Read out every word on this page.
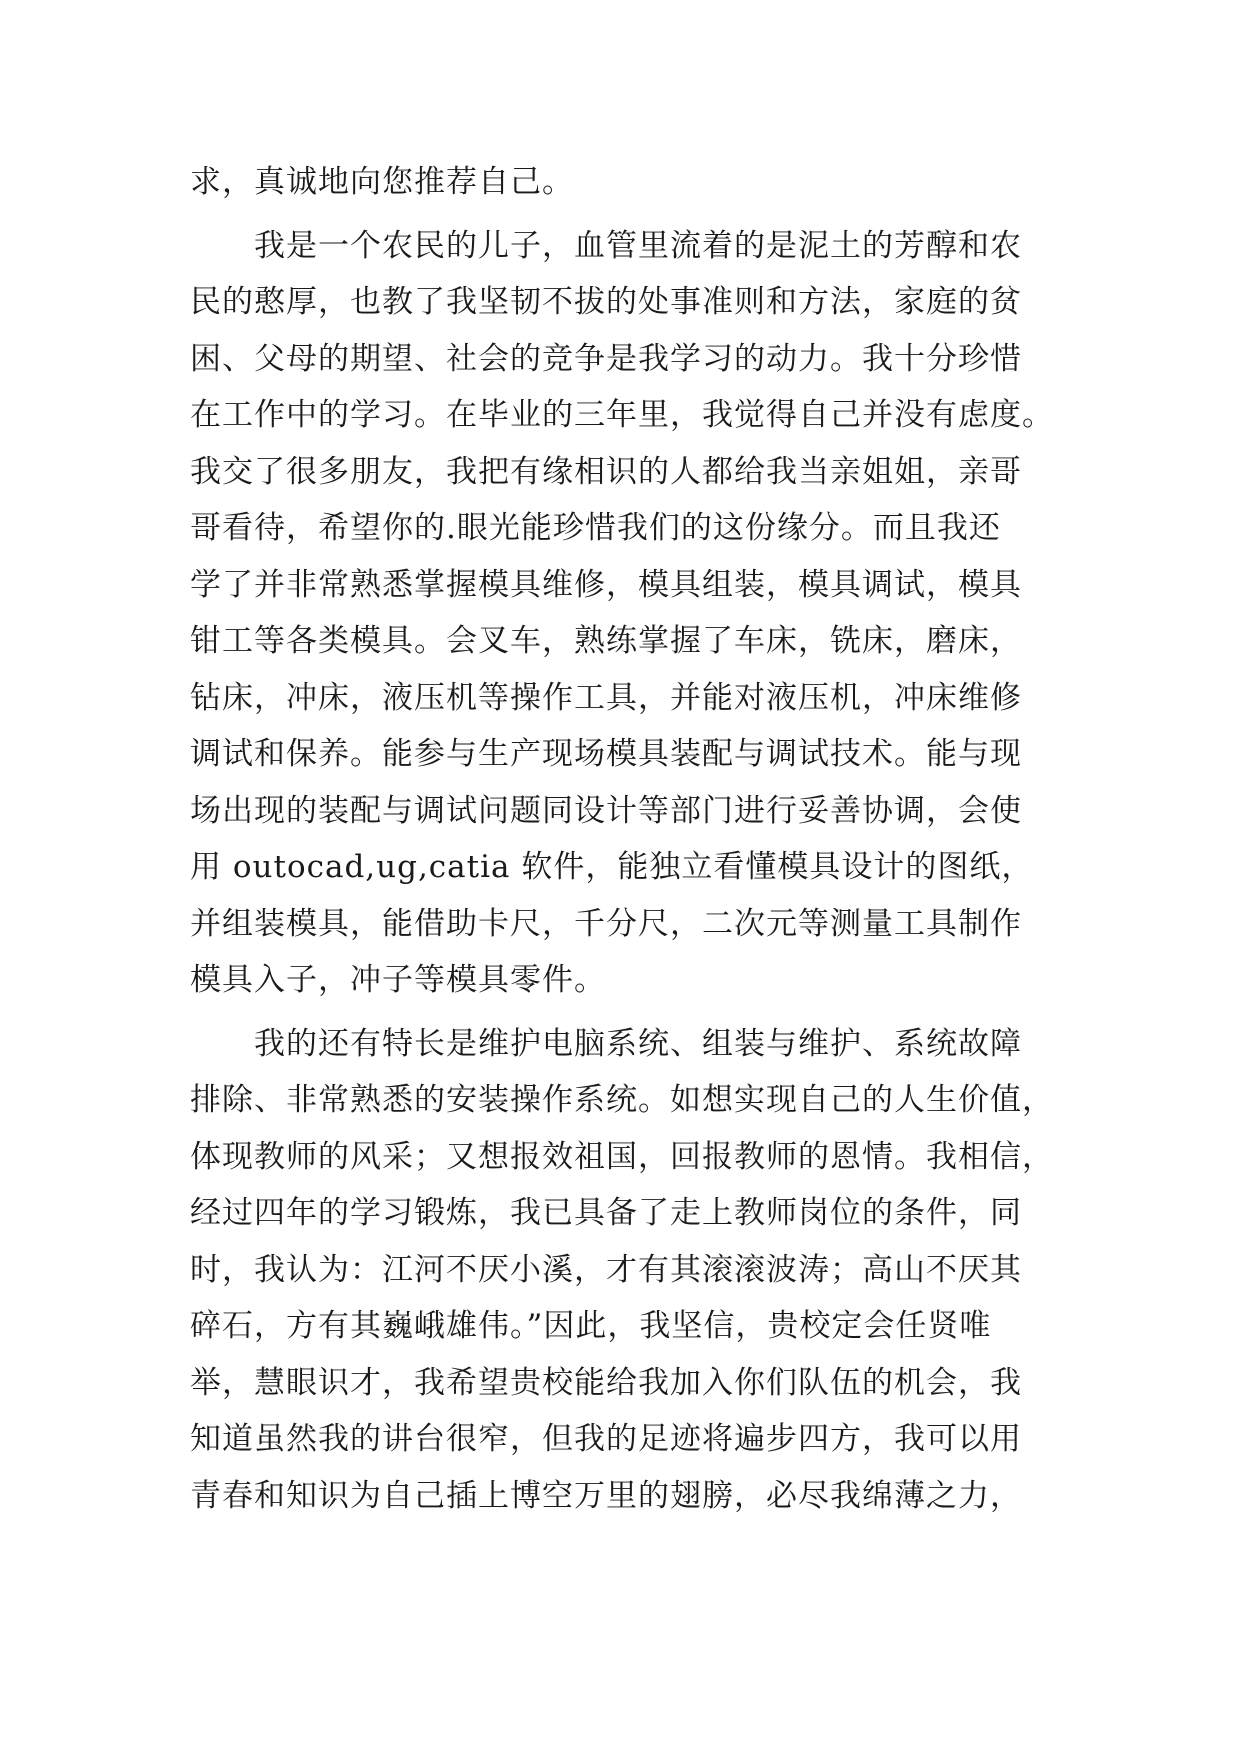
求，真诚地向您推荐自己。
我是一个农民的儿子，血管里流着的是泥土的芳醇和农
民的憨厚，也教了我坚韧不拔的处事准则和方法，家庭的贫
困、父母的期望、社会的竞争是我学习的动力。我十分珍惜
在工作中的学习。在毕业的三年里，我觉得自己并没有虑度。
我交了很多朋友，我把有缘相识的人都给我当亲姐姐，亲哥
哥看待，希望你的.眼光能珍惜我们的这份缘分。而且我还
学了并非常熟悉掌握模具维修，模具组装，模具调试，模具
钳工等各类模具。会叉车，熟练掌握了车床，铣床，磨床，
钻床，冲床，液压机等操作工具，并能对液压机，冲床维修
调试和保养。能参与生产现场模具装配与调试技术。能与现
场出现的装配与调试问题同设计等部门进行妥善协调，会使
用 outocad,ug,catia 软件，能独立看懂模具设计的图纸，
并组装模具，能借助卡尺，千分尺，二次元等测量工具制作
模具入子，冲子等模具零件。
我的还有特长是维护电脑系统、组装与维护、系统故障
排除、非常熟悉的安装操作系统。如想实现自己的人生价值，
体现教师的风采；又想报效祖国，回报教师的恩情。我相信，
经过四年的学习锻炼，我已具备了走上教师岗位的条件，同
时，我认为：江河不厌小溪，才有其滚滚波涛；高山不厌其
碎石，方有其巍峨雄伟。”因此，我坚信，贵校定会任贤唯
举，慧眼识才，我希望贵校能给我加入你们队伍的机会，我
知道虽然我的讲台很窄，但我的足迹将遍步四方，我可以用
青春和知识为自己插上博空万里的翅膀，必尽我绵薄之力，
